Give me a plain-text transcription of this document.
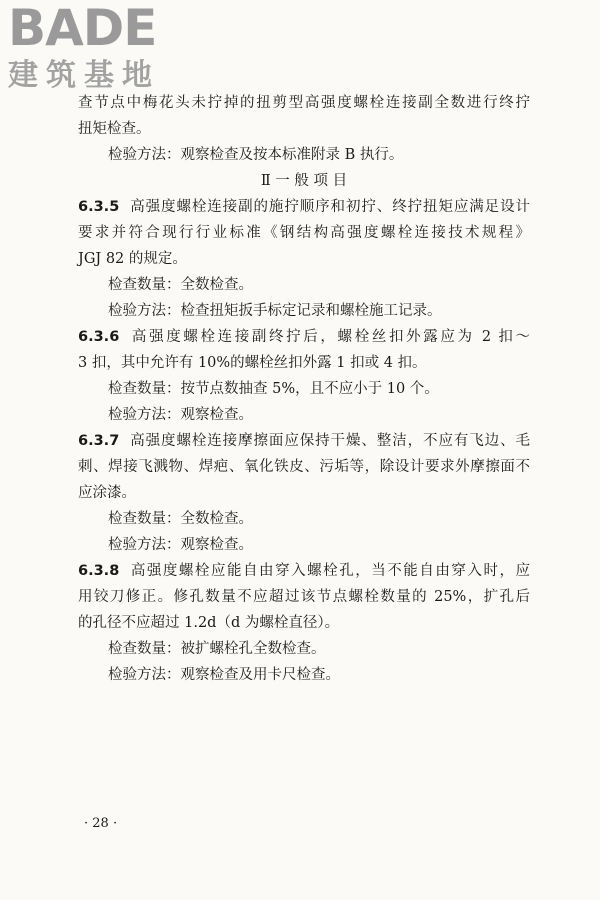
BADE
建筑基地
查节点中梅花头未拧掉的扭剪型高强度螺栓连接副全数进行终拧
扭矩检查。
检验方法：观察检查及按本标准附录 B 执行。
Ⅱ 一 般 项 目
6.3.5 高强度螺栓连接副的施拧顺序和初拧、终拧扭矩应满足设计
要求并符合现行行业标准《钢结构高强度螺栓连接技术规程》
JGJ 82 的规定。
检查数量：全数检查。
检验方法：检查扭矩扳手标定记录和螺栓施工记录。
6.3.6 高强度螺栓连接副终拧后，螺栓丝扣外露应为 2 扣～
3 扣，其中允许有 10%的螺栓丝扣外露 1 扣或 4 扣。
检查数量：按节点数抽查 5%，且不应小于 10 个。
检验方法：观察检查。
6.3.7 高强度螺栓连接摩擦面应保持干燥、整洁，不应有飞边、毛
刺、焊接飞溅物、焊疤、氧化铁皮、污垢等，除设计要求外摩擦面不
应涂漆。
检查数量：全数检查。
检验方法：观察检查。
6.3.8 高强度螺栓应能自由穿入螺栓孔，当不能自由穿入时，应
用铰刀修正。修孔数量不应超过该节点螺栓数量的 25%，扩孔后
的孔径不应超过 1.2d（d 为螺栓直径）。
检查数量：被扩螺栓孔全数检查。
检验方法：观察检查及用卡尺检查。
· 28 ·
